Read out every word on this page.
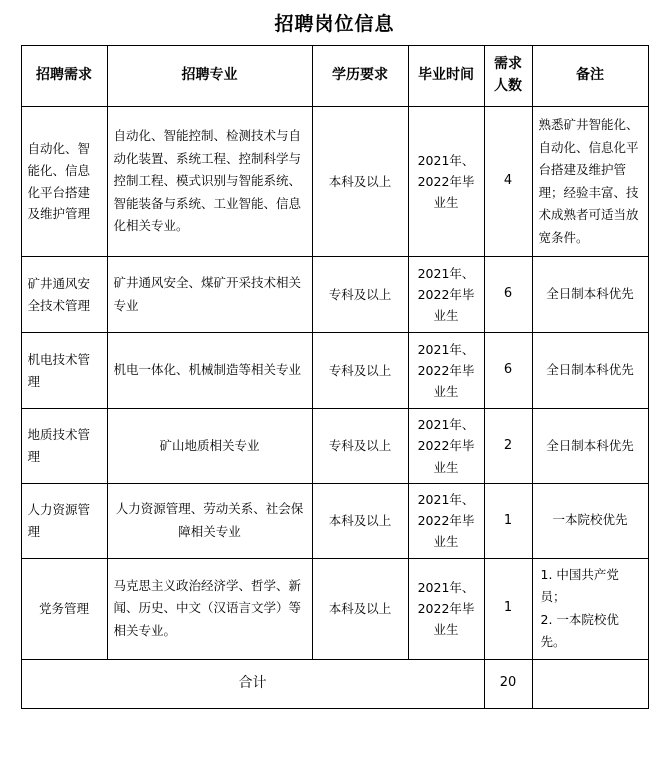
招聘岗位信息
招聘需求	招聘专业	学历要求	毕业时间	需求人数	备注
自动化、智能化、信息化平台搭建及维护管理	自动化、智能控制、检测技术与自动化装置、系统工程、控制科学与控制工程、模式识别与智能系统、智能装备与系统、工业智能、信息化相关专业。	本科及以上	2021年、2022年毕业生	4	熟悉矿井智能化、自动化、信息化平台搭建及维护管理；经验丰富、技术成熟者可适当放宽条件。
矿井通风安全技术管理	矿井通风安全、煤矿开采技术相关专业	专科及以上	2021年、2022年毕业生	6	全日制本科优先
机电技术管理	机电一体化、机械制造等相关专业	专科及以上	2021年、2022年毕业生	6	全日制本科优先
地质技术管理	矿山地质相关专业	专科及以上	2021年、2022年毕业生	2	全日制本科优先
人力资源管理	人力资源管理、劳动关系、社会保障相关专业	本科及以上	2021年、2022年毕业生	1	一本院校优先
党务管理	马克思主义政治经济学、哲学、新闻、历史、中文（汉语言文学）等相关专业。	本科及以上	2021年、2022年毕业生	1	1. 中国共产党员；
2. 一本院校优先。

合计				20	
